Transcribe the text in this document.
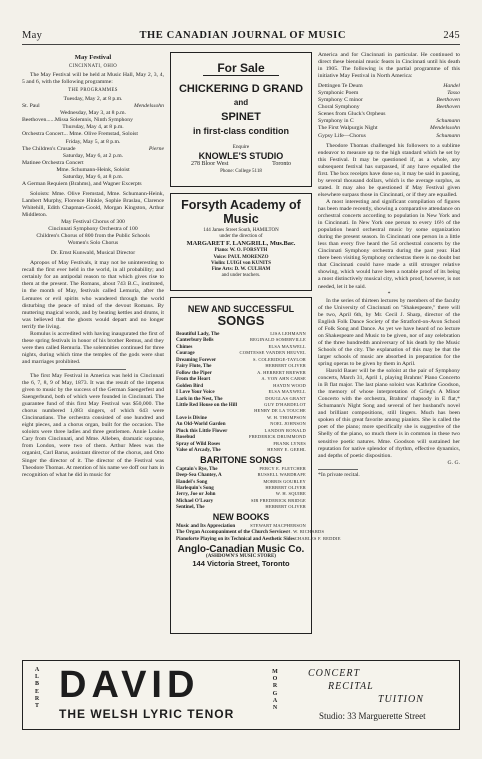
May	THE CANADIAN JOURNAL OF MUSIC	245
May Festival
CINCINNATI, OHIO

The May Festival will be held at Music Hall, May 2, 3, 4, 5 and 6, with the following programme:

THE PROGRAMMES
Tuesday, May 2, at 8 p.m.
St. Paul	Mendelssohn
Wednesday, May 3, at 8 p.m.
Beethoven......Missa Solemnis, Ninth Symphony
Thursday, May 4, at 8 p.m.
Orchestra Concert... Mme. Olive Fremstad, Soloist
Friday, May 5, at 8 p.m.
The Children's Crusade	Pierne
Saturday, May 6, at 2 p.m.
Matinee Orchestra Concert
Mme. Schumann-Heink, Soloist
Saturday, May 6, at 8 p.m.
A German Requiem (Brahms), and Wagner Excerpts

Soloists: Mme. Olive Fremstad, Mme. Schumann-Heink, Lambert Murphy, Florence Hinkle, Sophie Braslau, Clarence Whitehill, Edith Chapman-Goold, Morgan Kingston, Arthur Middleton.

May Festival Chorus of 300
Cincinnati Symphony Orchestra of 100
Children's Chorus of 800 from the Public Schools
Women's Solo Chorus
Dr. Ernst Kunwald, Musical Director

Apropos of May Festivals, it may not be uninteresting to recall the first ever held in the world, in all probability; and certainly for an antipodal reason to that which gives rise to them at the present. The Romans, about 743 B.C., instituted, in the month of May, festivals called Lemuria, after the Lemures or evil spirits who wandered through the world disturbing the peace of mind of the devout Romans. By muttering magical words, and by beating kettles and drums, it was believed that the ghosts would depart and no longer terrify the living.

Romulus is accredited with having inaugurated the first of these spring festivals in honor of his brother Remus, and they were then called Remuria. The solemnities continued for three nights, during which time the temples of the gods were shut and marriages prohibited.

The first May Festival in America was held in Cincinnati the 6, 7, 8, 9 of May, 1873. It was the result of the impetus given to music by the success of the German Saengerfest and Saengerbund, both of which were founded in Cincinnati. The guarantee fund of this first May Festival was $50,000. The chorus numbered 1,083 singers, of which 643 were Cincinnatians. The orchestra consisted of one hundred and eight pieces, and a chorus organ, built for the occasion. The soloists were three ladies and three gentlemen. Annie Louise Cary from Cincinnati, and Mme. Alleben, dramatic soprano, from London, were two of them. Arthur Mees was the organist, Carl Barus, assistant director of the chorus, and Otto Singer the director of it. The director of the Festival was Theodore Thomas. At mention of his name we doff our hats in recognition of what he did in music for

For Sale
CHICKERING D GRAND
and
SPINET
in first-class condition
Enquire
KNOWLE'S STUDIO
278 Bloor West	Toronto
Phone: College 5118
Forsyth Academy of Music
144 James Street South, HAMILTON
under the direction of
MARGARET F. LANGRILL, Mus.Bac.
Piano: W. O. FORSYTH
Voice: PAUL MORENZO
Violin: LUIGI von KUNITS
Fine Arts: D. W. CULHAM
and under teachers.
NEW AND SUCCESSFUL
SONGS
Beautiful Lady, The	LISA LEHMANN
Canterbury Bells	REGINALD SOMERVILLE
Chimes	ELSA MAXWELL
Courage	COMTESSE VANDEN HEUVEL
Dreaming Forever	S. COLERIDGE-TAYLOR
Fairy Flute, The	HERBERT OLIVER
Follow the Piper	A. HERBERT BREWER
From the Heart	A. VON AHN CARSE
Golden Bird	HAYDN WOOD
I Love Your Voice	ELSA MAXWELL
Lark in the Nest, The	DOUGLAS GRANT
Little Red House on the Hill	GUY D'HARDELOT
HENRY DE LA TOUCHE
Love is Divine	W. H. THOMPSON
An Old-World Garden	NOEL JOHNSON
Pluck this Little Flower	LANDON RONALD
Rosebud	FREDERICK DRUMMOND
Spray of Wild Roses	FRANK LYNES
Valse of Arcady, The	HENRY E. GEEHL
BARITONE SONGS
Captain's Rye, The	PERCY E. FLETCHER
Deep-Sea Chantey, A	RUSSELL WARDRAFE
Handel's Song	MORRIS GOURLEY
Harlequin's Song	HERBERT OLIVER
Jerry, Joe or John	W. H. SQUIRE
Michael O'Leary	SIR FREDERICK BRIDGE
Sentinel, The	HERBERT OLIVER
NEW BOOKS
Music and Its Appreciation	STEWART MACPHERSON
The Organ Accompaniment of the Church Services H. W. RICHARDS
Pianoforte Playing on its Technical and Aesthetic Sides CHARLES F. REDDIE
Anglo-Canadian Music Co.
(ASHDOWN'S MUSIC STORE)
144 Victoria Street, Toronto

America and for Cincinnati in particular. He continued to direct these biennial music feasts in Cincinnati until his death in 1905. The following is the partial programme of this initiative May Festival in North America:

Dettingen Te Deum	Handel
Symphonic Poem	Tasso
Symphony C minor	Beethoven
Choral Symphony	Beethoven
Scenes from Gluck's Orpheus
Symphony in C	Schumann
The First Walpurgis Night	Mendelssohn
Gypsy Life—Chorus	Schumann

Theodore Thomas challenged his followers to a sublime endeavor to measure up to the high standard which he set by this Festival. It may be questioned if, as a whole, any subsequent festival has surpassed, if any have equalled the first. The box receipts have done so, it may be said in passing, by several thousand dollars, which is the average surplus, as stated. It may also be questioned if May Festival given elsewhere surpass those in Cincinnati, or if they are equalled.

A most interesting and significant compilation of figures has been made recently, showing a comparative attendance on orchestral concerts according to population in New York and in Cincinnati. In New York one person to every 16½ of the population heard orchestral music by some organization during the present season. In Cincinnati one person in a little less than every five heard the 54 orchestral concerts by the Cincinnati Symphony orchestra during the past year. Had there been visiting Symphony orchestras there is no doubt but that Cincinnati could have made a still stronger relative showing, which would have been a notable proof of its being a most distinctively musical city, which proof, however, is not needed, let it be said.

*

In the series of thirteen lectures by members of the faculty of the University of Cincinnati on "Shakespeare," there will be two, April 6th, by Mr. Cecil J. Sharp, director of the English Folk Dance Society of the Stratford-on-Avon School of Folk Song and Dance. As yet we have heard of no lecture on Shakespeare and Music to be given, nor of any celebration of the three hundredth anniversary of his death by the Music Schools of the city. The explanation of this may be that the larger schools of music are absorbed in preparation for the spring operas to be given by them in April.

Harold Bauer will be the soloist at the pair of Symphony concerts, March 31, April 1, playing Brahms' Piano Concerto in B flat major. The last piano soloist was Kathrine Goodson, the memory of whose interpretation of Grieg's A Minor Concerto with the orchestra, Brahms' rhapsody in E flat,* Schumann's Night Song and several of her husband's novel and brilliant compositions, still lingers. Much has been spoken of this great favorite among pianists. She is called the poet of the piano; more specifically she is suggestive of the Shelly of the piano, so much there is in common in these two sensitive poetic natures. Mme. Goodson will sustained her reputation for native splendor of rhythm, effective dynamics, and depths of poetic disposition.

G. G.
*In private recital.
A
L
B
E
R
T
DAVID
THE WELSH LYRIC TENOR
M
O
R
G
A
N
CONCERT
RECITAL
TUITION
Studio: 33 Marguerette Street
